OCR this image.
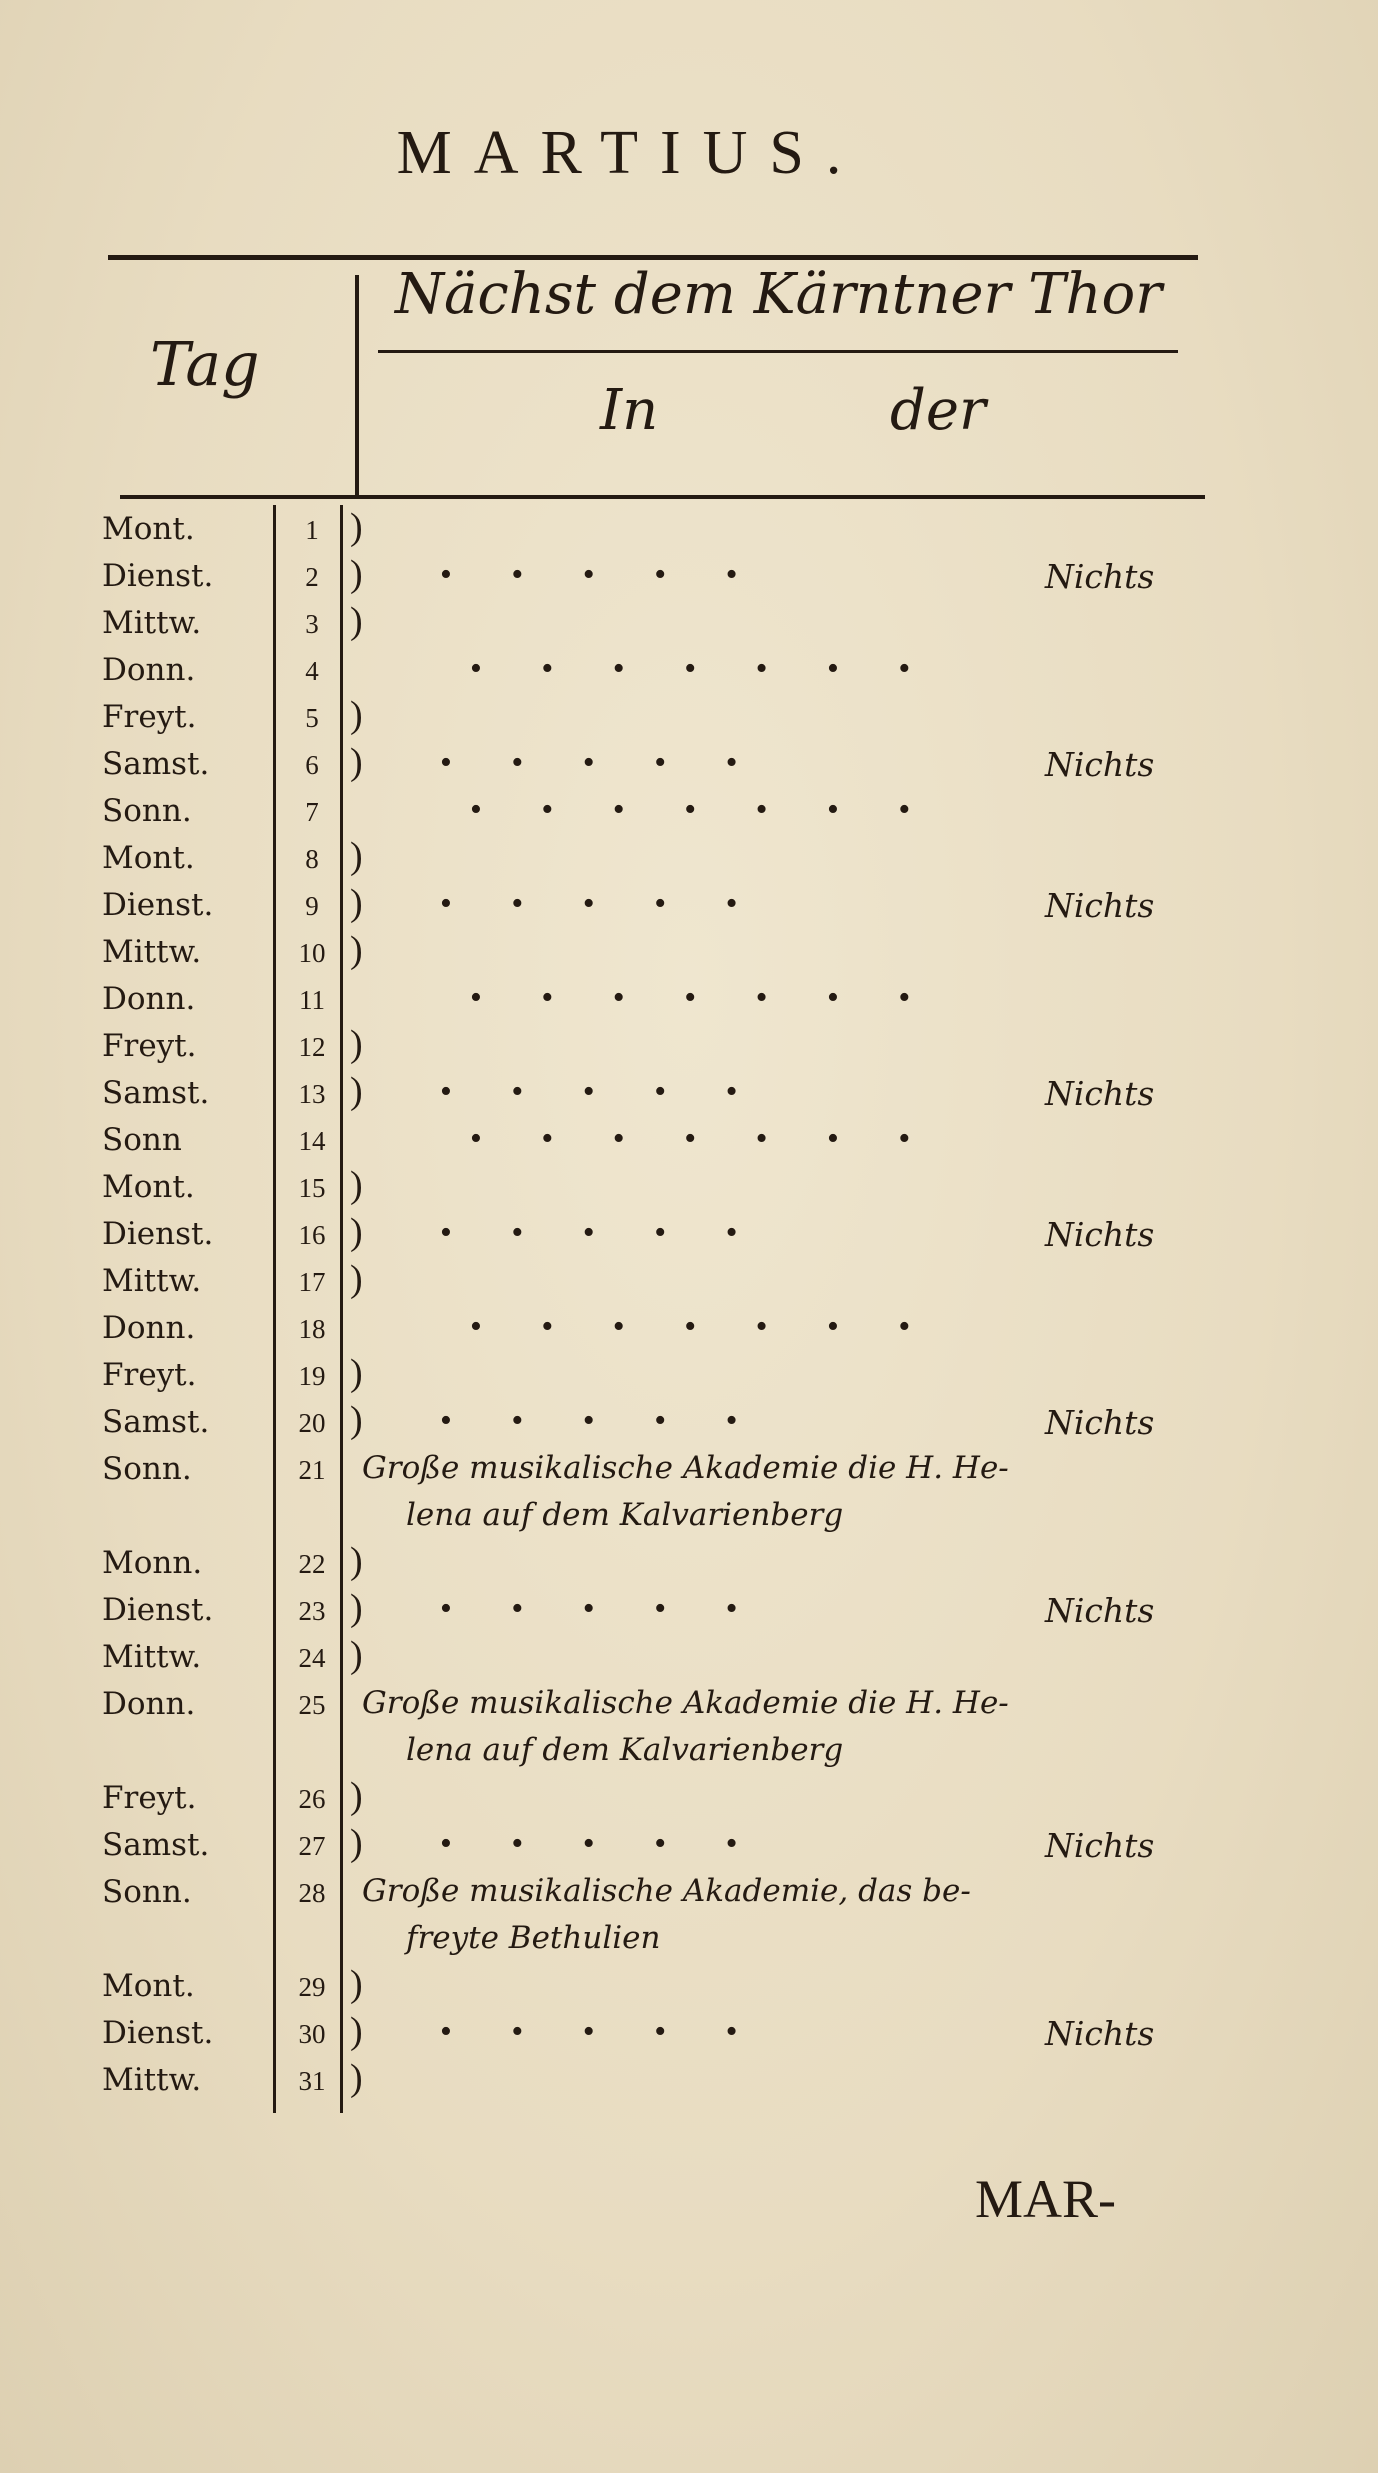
MARTIUS.
Tag
Nächst dem Kärntner Thor
In	der
MAR-
Mont.	1 )
Dienst.	2 ) •       •       •       •       •	Nichts
Mittw.	3 )
Donn.	4	•       •       •       •       •       •       •
Freyt.	5 )
Samst.	6 ) •       •       •       •       •	Nichts
Sonn.	7	•       •       •       •       •       •       •
Mont.	8 )
Dienst.	9 ) •       •       •       •       •	Nichts
Mittw.	10 )
Donn.	11	•       •       •       •       •       •       •
Freyt.	12 )
Samst.	13 ) •       •       •       •       •	Nichts
Sonn	14	•       •       •       •       •       •       •
Mont.	15 )
Dienst.	16 ) •       •       •       •       •	Nichts
Mittw.	17 )
Donn.	18	•       •       •       •       •       •       •
Freyt.	19 )
Samst.	20 ) •       •       •       •       •	Nichts
Sonn.	21 Große musikalische Akademie die H. He-
lena auf dem Kalvarienberg
Monn.	22 )
Dienst.	23 ) •       •       •       •       •	Nichts
Mittw.	24 )
Donn.	25 Große musikalische Akademie die H. He-
lena auf dem Kalvarienberg
Freyt.	26 )
Samst.	27 ) •       •       •       •       •	Nichts
Sonn.	28 Große musikalische Akademie, das be-
freyte Bethulien
Mont.	29 )
Dienst.	30 ) •       •       •       •       •	Nichts
Mittw.	31 )
